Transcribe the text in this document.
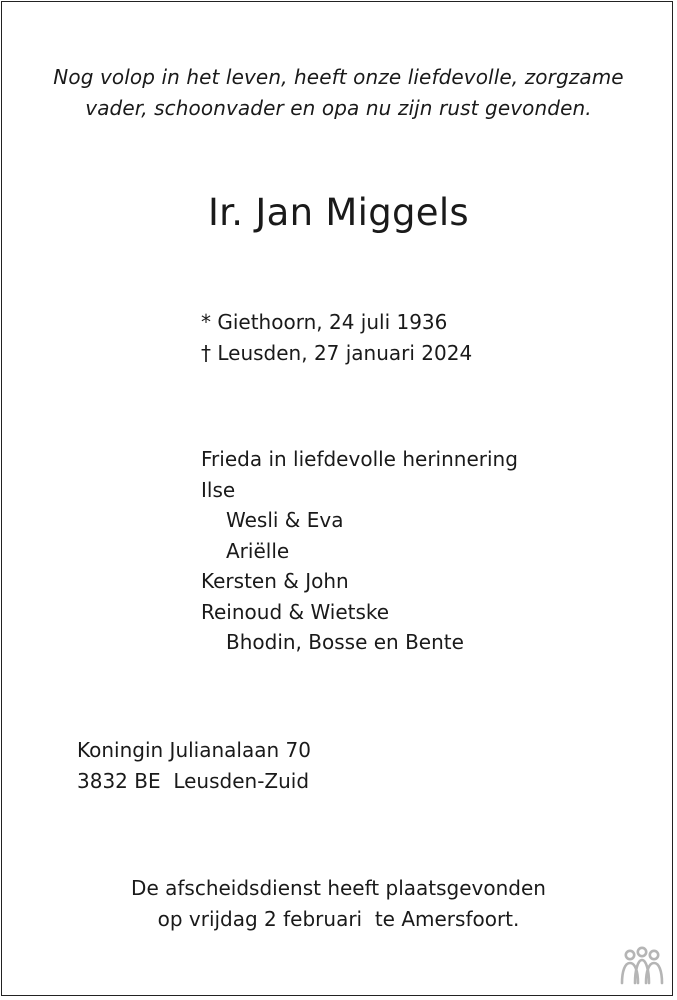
Nog volop in het leven, heeft onze liefdevolle, zorgzame
vader, schoonvader en opa nu zijn rust gevonden.
Ir. Jan Miggels
* Giethoorn, 24 juli 1936
† Leusden, 27 januari 2024
Frieda in liefdevolle herinnering
Ilse
Wesli & Eva
Ariëlle
Kersten & John
Reinoud & Wietske
Bhodin, Bosse en Bente
Koningin Julianalaan 70
3832 BE  Leusden-Zuid
De afscheidsdienst heeft plaatsgevonden
op vrijdag 2 februari  te Amersfoort.
